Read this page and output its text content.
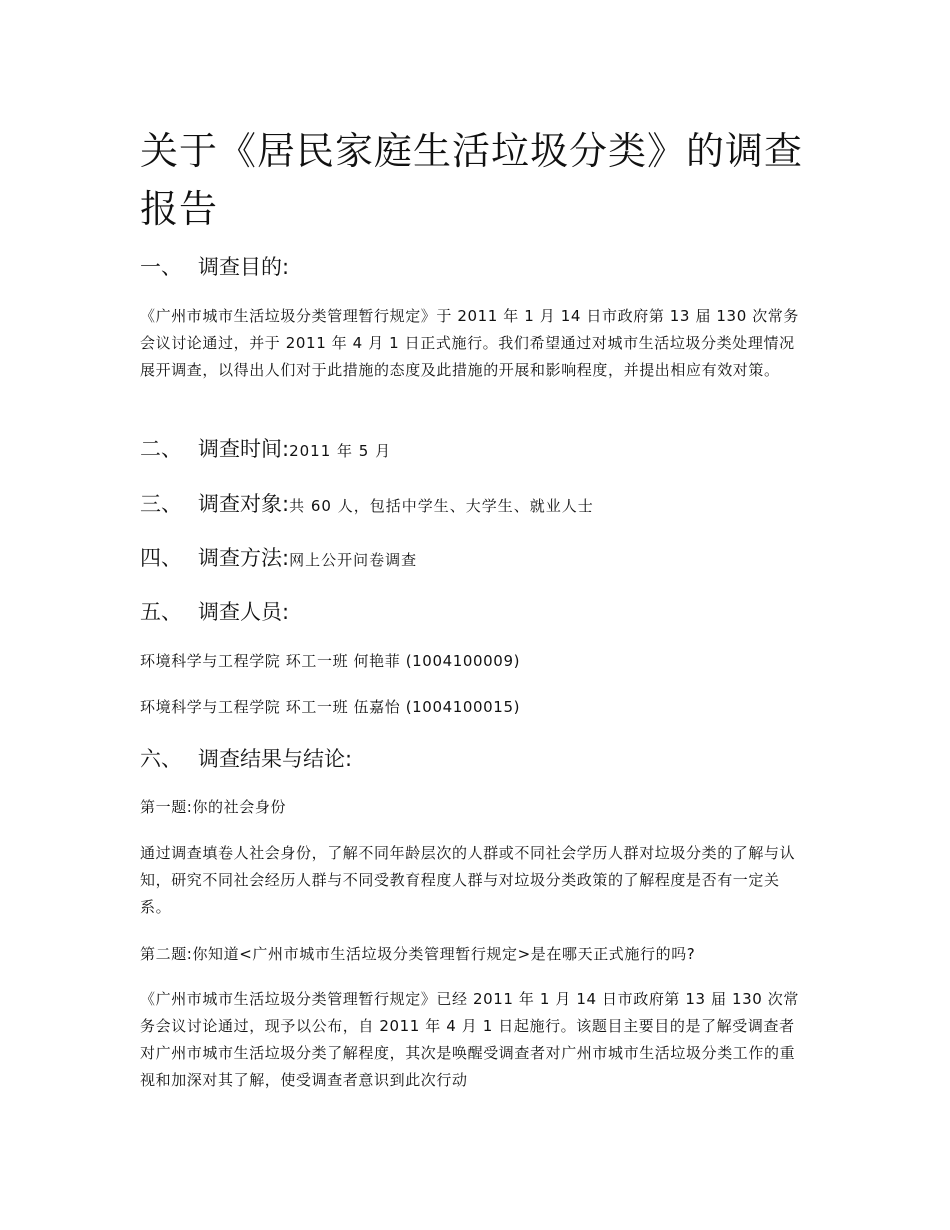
关于《居民家庭生活垃圾分类》的调查报告
一、 调查目的:

《广州市城市生活垃圾分类管理暂行规定》于 2011 年 1 月 14 日市政府第 13 届 130 次常务会议讨论通过，并于 2011 年 4 月 1 日正式施行。我们希望通过对城市生活垃圾分类处理情况展开调查，以得出人们对于此措施的态度及此措施的开展和影响程度，并提出相应有效对策。

二、 调查时间:2011 年 5 月
三、 调查对象:共 60 人，包括中学生、大学生、就业人士
四、 调查方法:网上公开问卷调查
五、 调查人员:

环境科学与工程学院 环工一班 何艳菲 (1004100009)

环境科学与工程学院 环工一班 伍嘉怡 (1004100015)

六、 调查结果与结论:

第一题:你的社会身份

通过调查填卷人社会身份，了解不同年龄层次的人群或不同社会学历人群对垃圾分类的了解与认知，研究不同社会经历人群与不同受教育程度人群与对垃圾分类政策的了解程度是否有一定关系。

第二题:你知道<广州市城市生活垃圾分类管理暂行规定>是在哪天正式施行的吗?

《广州市城市生活垃圾分类管理暂行规定》已经 2011 年 1 月 14 日市政府第 13 届 130 次常务会议讨论通过，现予以公布，自 2011 年 4 月 1 日起施行。该题目主要目的是了解受调查者对广州市城市生活垃圾分类了解程度，其次是唤醒受调查者对广州市城市生活垃圾分类工作的重视和加深对其了解，使受调查者意识到此次行动
